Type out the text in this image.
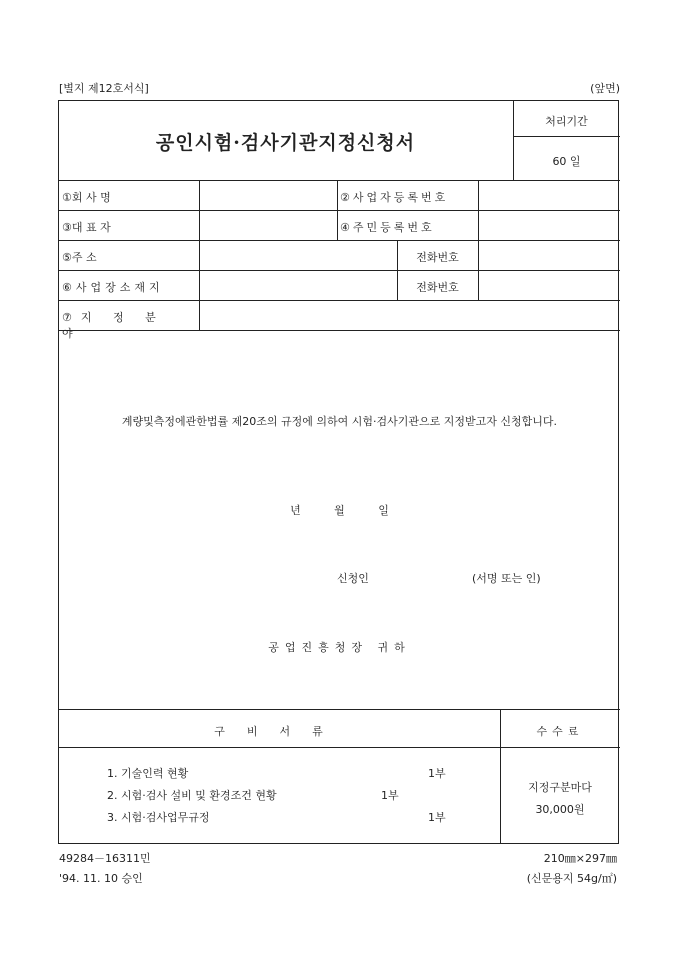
[별지 제12호서식]	(앞면)
공인시험·검사기관지정신청서
처리기간
60 일
①회 사 명	②사업자등록번호
③대 표 자	④주민등록번호
⑤주 소	전화번호
⑥사업장소재지	전화번호
⑦지 정 분 야
계량및측정에관한법률 제20조의 규정에 의하여 시험·검사기관으로 지정받고자 신청합니다.
년 월 일
신청인	(서명 또는 인)
공업진흥청장 귀하
구비서류	수수료
1. 기술인력 현황	1부
2. 시험·검사 설비 및 환경조건 현황	1부
3. 시험·검사업무규정	1부
지정구분마다
30,000원
49284－16311민
'94. 11. 10 승인
210㎜×297㎜
(신문용지 54g/㎡)
